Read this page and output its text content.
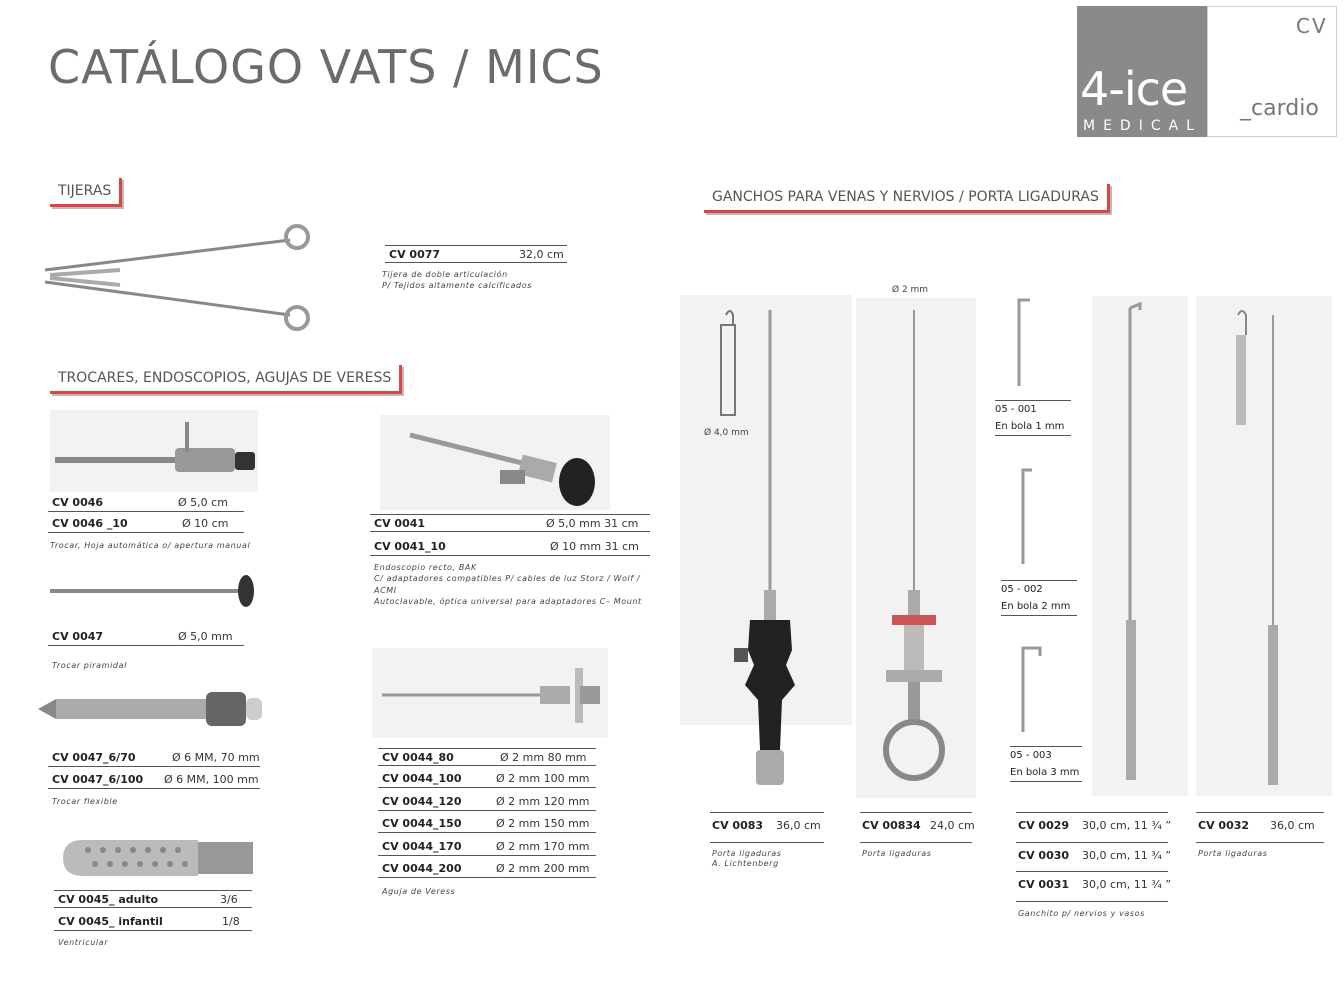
CATÁLOGO VATS / MICS	4-ice
MEDICAL
CV
_cardio
TIJERAS
TROCARES, ENDOSCOPIOS, AGUJAS DE VERESS
GANCHOS PARA VENAS Y NERVIOS / PORTA LIGADURAS
CV 0077	32,0 cm
Tijera de doble articulación
P/ Tejidos altamente calcificados
CV 0046	Ø 5,0 cm
CV 0046 _10	Ø 10 cm
Trocar, Hoja automática o/ apertura manual
CV 0047	Ø 5,0 mm
Trocar piramidal
CV 0047_6/70	Ø 6 MM, 70 mm
CV 0047_6/100 Ø 6 MM, 100 mm
Trocar flexible
CV 0045_ adulto	3/6
CV 0045_ infantil	1/8
Ventricular
CV 0041	Ø 5,0 mm 31 cm
CV 0041_10	Ø 10 mm 31 cm
Endoscopio recto, BAK
C/ adaptadores compatibles P/ cables de luz Storz / Wolf /
ACMI
Autoclavable, óptica universal para adaptadores C– Mount
CV 0044_80	Ø 2 mm 80 mm
CV 0044_100	Ø 2 mm 100 mm
CV 0044_120	Ø 2 mm 120 mm
CV 0044_150	Ø 2 mm 150 mm
CV 0044_170	Ø 2 mm 170 mm
CV 0044_200	Ø 2 mm 200 mm
Aguja de Veress
Ø 4,0 mm
CV 0083 36,0 cm
Porta ligaduras
A. Lichtenberg
Ø 2 mm
CV 00834 24,0 cm
Porta ligaduras
05 - 001
En bola 1 mm
05 - 002
En bola 2 mm
05 - 003
En bola 3 mm
CV 0029 30,0 cm, 11 ¾ ”
CV 0030 30,0 cm, 11 ¾ ”
CV 0031 30,0 cm, 11 ¾ ”
Ganchito p/ nervios y vasos
CV 0032 36,0 cm
Porta ligaduras
